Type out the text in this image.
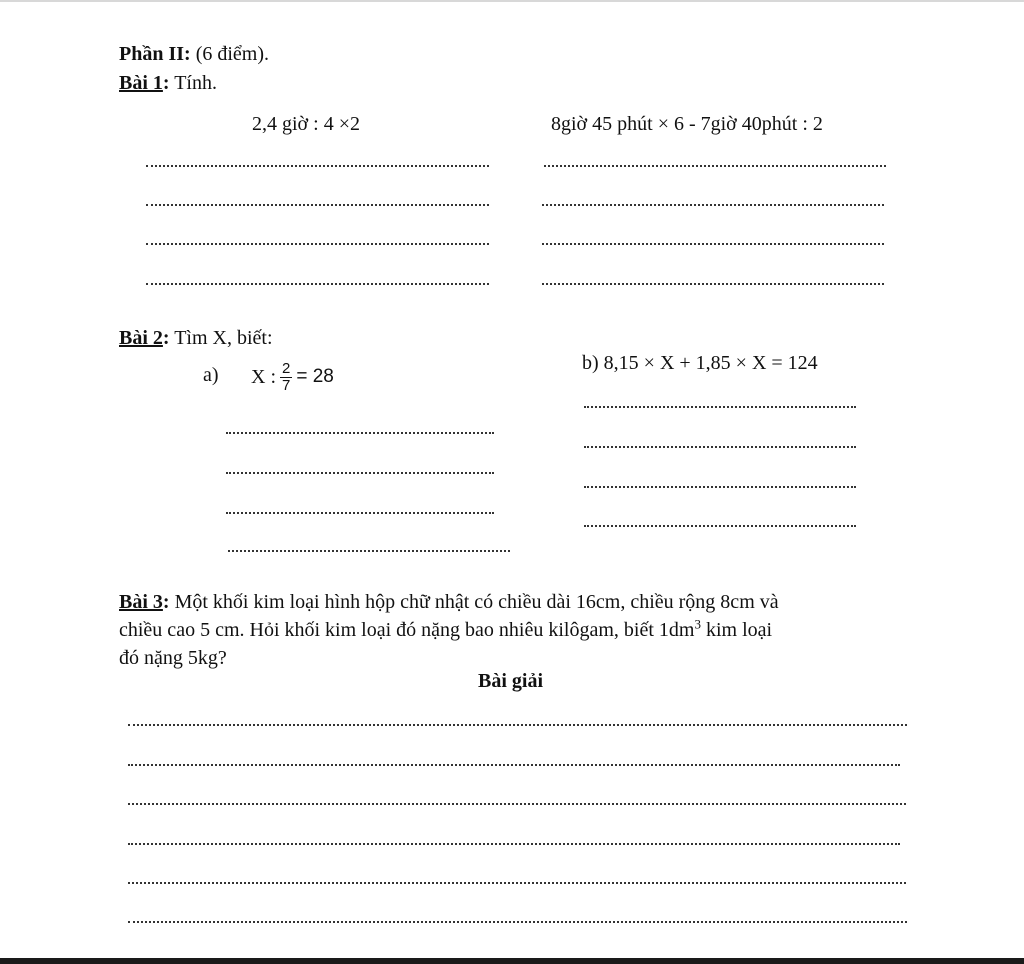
Phần II: (6 điểm).
Bài 1: Tính.
2,4 giờ : 4 ×2	8giờ 45 phút × 6 - 7giờ 40phút : 2
Bài 2: Tìm X, biết:
a) X : $\frac{2}{7} = 28$
b) 8,15 × X + 1,85 × X = 124
Bài 3: Một khối kim loại hình hộp chữ nhật có chiều dài 16cm, chiều rộng 8cm và
chiều cao 5 cm. Hỏi khối kim loại đó nặng bao nhiêu kilôgam, biết $1dm^3$ kim loại
đó nặng 5kg?
Bài giải
